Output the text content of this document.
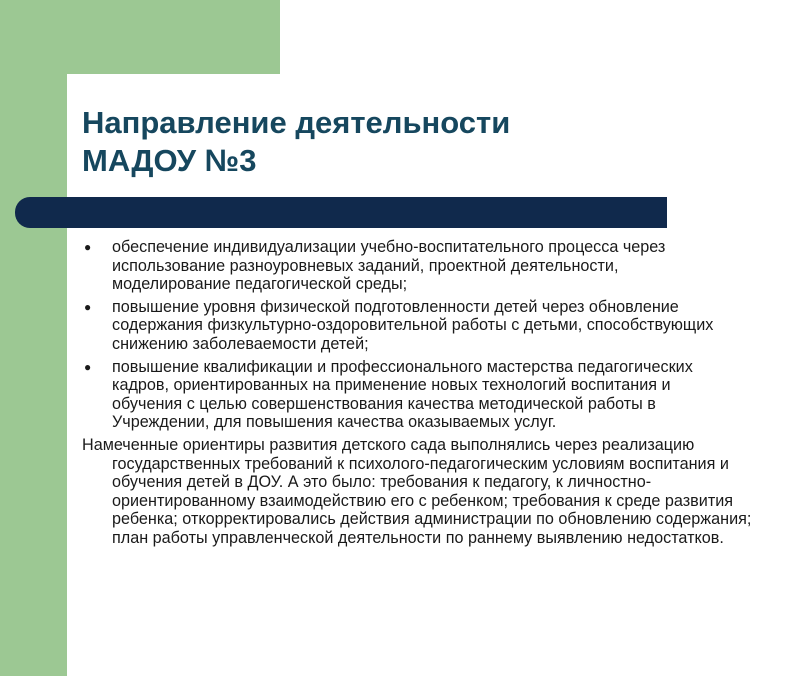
Направление деятельности
МАДОУ №3
● обеспечение индивидуализации учебно-воспитательного процесса через использование разноуровневых заданий, проектной деятельности, моделирование педагогической среды;
● повышение уровня физической подготовленности детей через обновление содержания физкультурно-оздоровительной работы с детьми, способствующих снижению заболеваемости детей;
● повышение квалификации и профессионального мастерства педагогических кадров, ориентированных на применение новых технологий воспитания и обучения с целью совершенствования качества методической работы в Учреждении, для повышения качества оказываемых услуг.

Намеченные ориентиры развития детского сада выполнялись через реализацию государственных требований к психолого-педагогическим условиям воспитания и обучения детей в ДОУ. А это было: требования к педагогу, к личностно-ориентированному взаимодействию его с ребенком; требования к среде развития ребенка; откорректировались действия администрации по обновлению содержания; план работы управленческой деятельности по раннему выявлению недостатков.
